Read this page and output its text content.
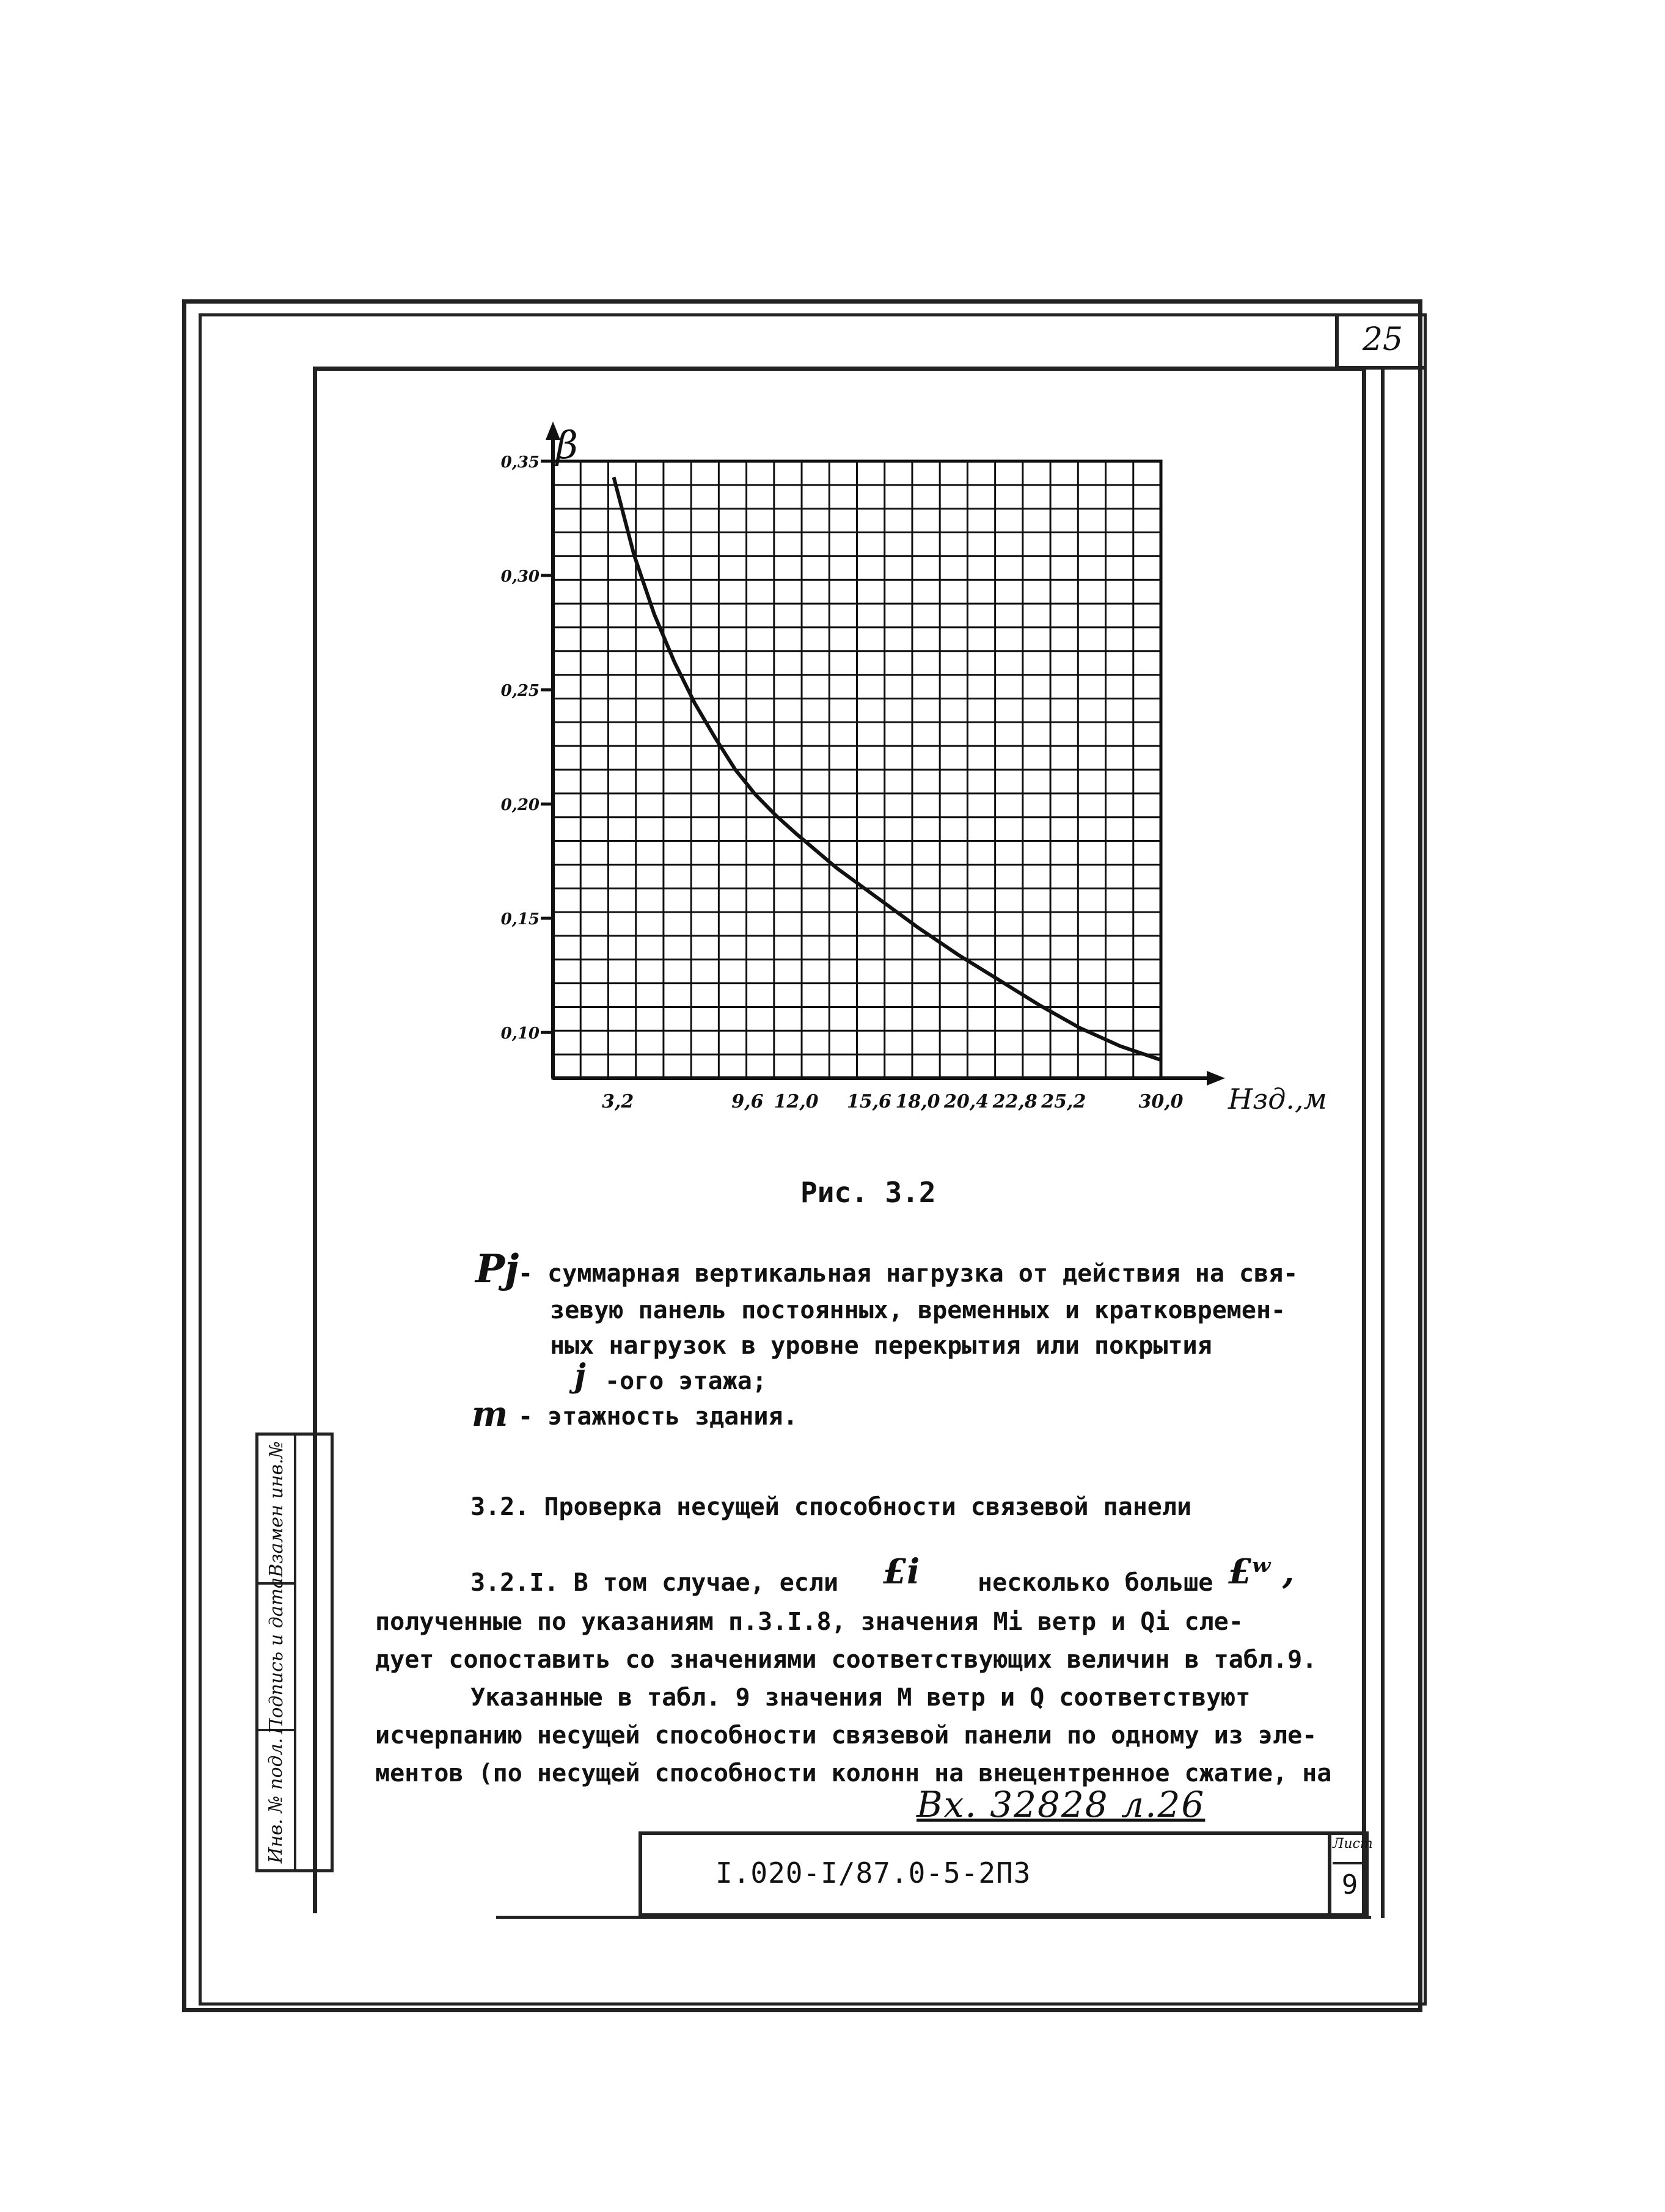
25
0,35
0,30
0,25
0,20
0,15
0,10
3,2	9,6 12,0 15,6 18,0 20,4 22,8 25,2	30,0
β
Нзд.,м
Рис. 3.2
Pj
- суммарная вертикальная нагрузка от действия на свя-
зевую панель постоянных, временных и кратковремен-
ных нагрузок в уровне перекрытия или покрытия
j -ого этажа;
m - этажность здания.
3.2. Проверка несущей способности связевой панели
3.2.I. В том случае, если £i несколько больше £ʷ ,
полученные по указаниям п.3.I.8, значения Mi ветр и Qi сле-
дует сопоставить со значениями соответствующих величин в табл.9.
Указанные в табл. 9 значения M ветр и Q соответствуют
исчерпанию несущей способности связевой панели по одному из эле-
ментов (по несущей способности колонн на внецентренное сжатие, на
Взамен инв.№
Подпись и дата
Инв. № подл.	Вх. 32828 л.26
I.020-I/87.0-5-2ПЗ
Лист
9
